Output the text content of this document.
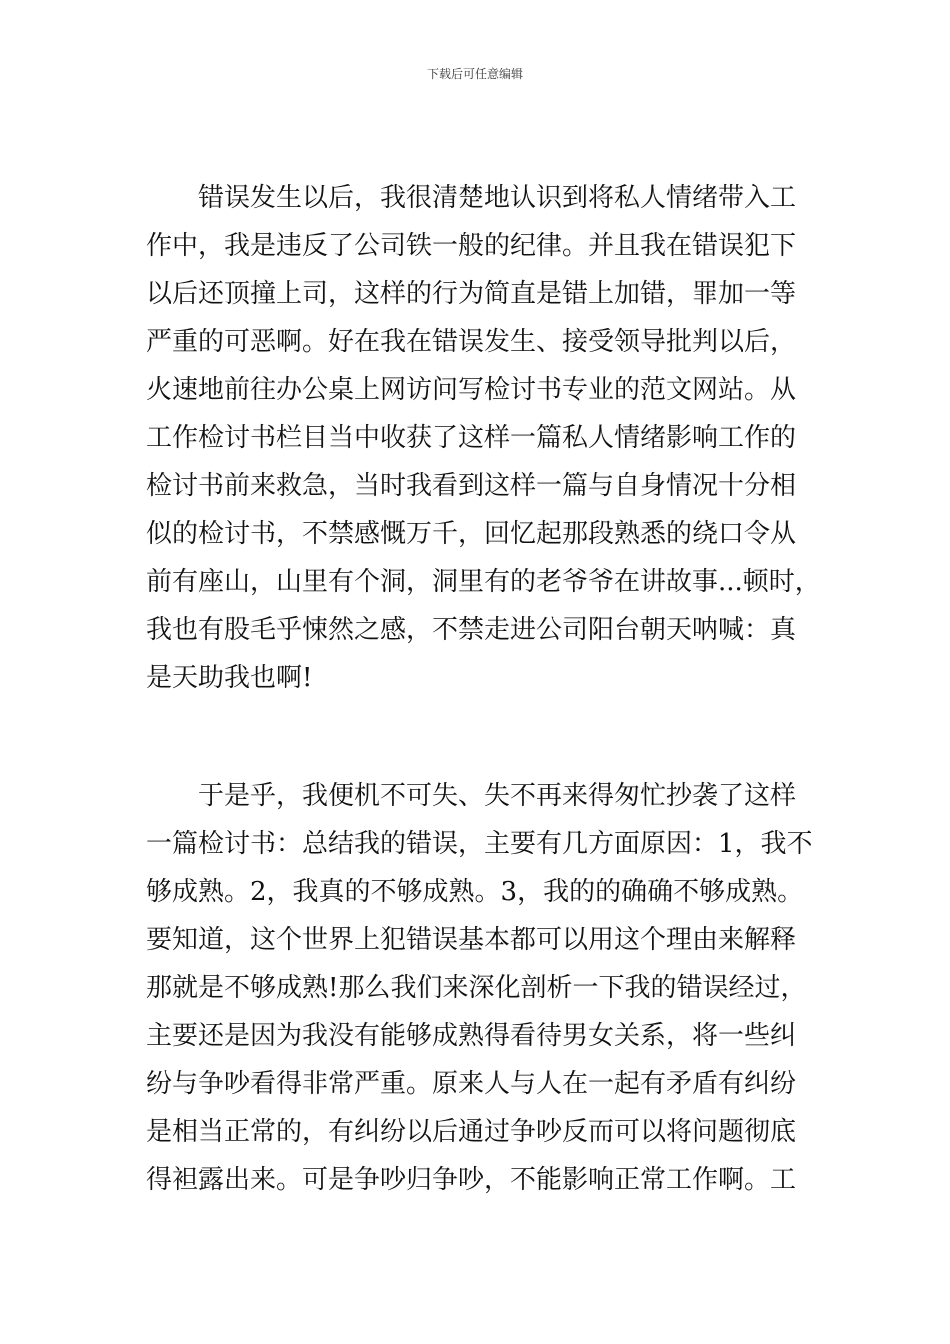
下载后可任意编辑
错误发生以后，我很清楚地认识到将私人情绪带入工
作中，我是违反了公司铁一般的纪律。并且我在错误犯下
以后还顶撞上司，这样的行为简直是错上加错，罪加一等
严重的可恶啊。好在我在错误发生、接受领导批判以后，
火速地前往办公桌上网访问写检讨书专业的范文网站。从
工作检讨书栏目当中收获了这样一篇私人情绪影响工作的
检讨书前来救急，当时我看到这样一篇与自身情况十分相
似的检讨书，不禁感慨万千，回忆起那段熟悉的绕口令从
前有座山，山里有个洞，洞里有的老爷爷在讲故事...顿时，
我也有股毛乎悚然之感，不禁走进公司阳台朝天呐喊：真
是天助我也啊!
于是乎，我便机不可失、失不再来得匆忙抄袭了这样
一篇检讨书：总结我的错误，主要有几方面原因：1，我不
够成熟。2，我真的不够成熟。3，我的的确确不够成熟。
要知道，这个世界上犯错误基本都可以用这个理由来解释
那就是不够成熟!那么我们来深化剖析一下我的错误经过，
主要还是因为我没有能够成熟得看待男女关系，将一些纠
纷与争吵看得非常严重。原来人与人在一起有矛盾有纠纷
是相当正常的，有纠纷以后通过争吵反而可以将问题彻底
得袒露出来。可是争吵归争吵，不能影响正常工作啊。工
